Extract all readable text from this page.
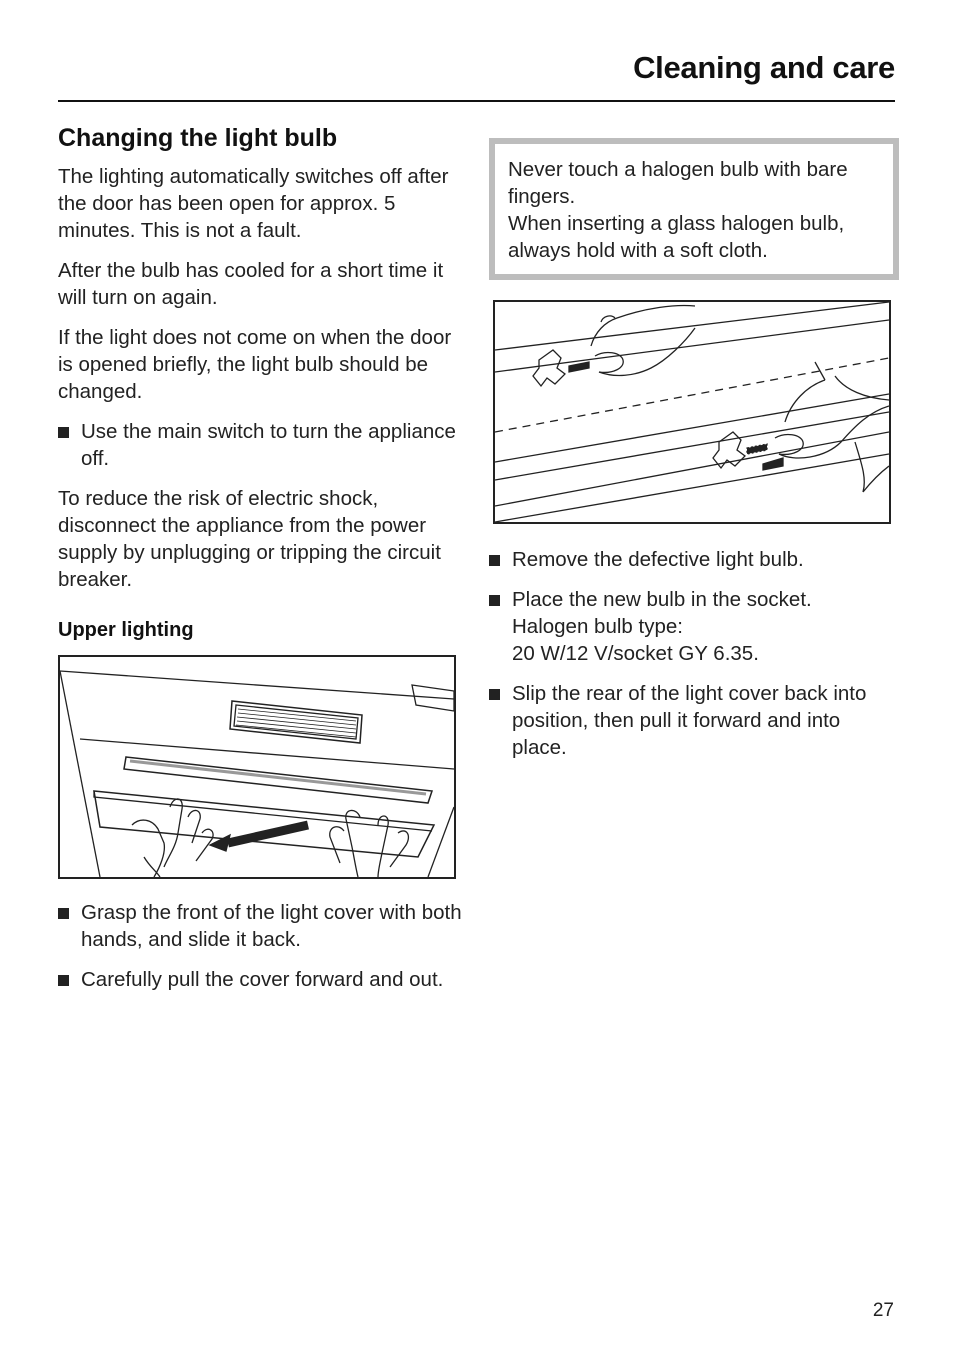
Cleaning and care
Changing the light bulb

The lighting automatically switches off after the door has been open for approx. 5 minutes. This is not a fault.

After the bulb has cooled for a short time it will turn on again.

If the light does not come on when the door is opened briefly, the light bulb should be changed.

Use the main switch to turn the appliance off.

To reduce the risk of electric shock, disconnect the appliance from the power supply by unplugging or tripping the circuit breaker.

Upper lighting
Grasp the front of the light cover with both hands, and slide it back.
Carefully pull the cover forward and out.

Never touch a halogen bulb with bare fingers.

When inserting a glass halogen bulb, always hold with a soft cloth.

Remove the defective light bulb.
Place the new bulb in the socket.
Halogen bulb type:
20 W/12 V/socket GY 6.35.
Slip the rear of the light cover back into position, then pull it forward and into place.
27
